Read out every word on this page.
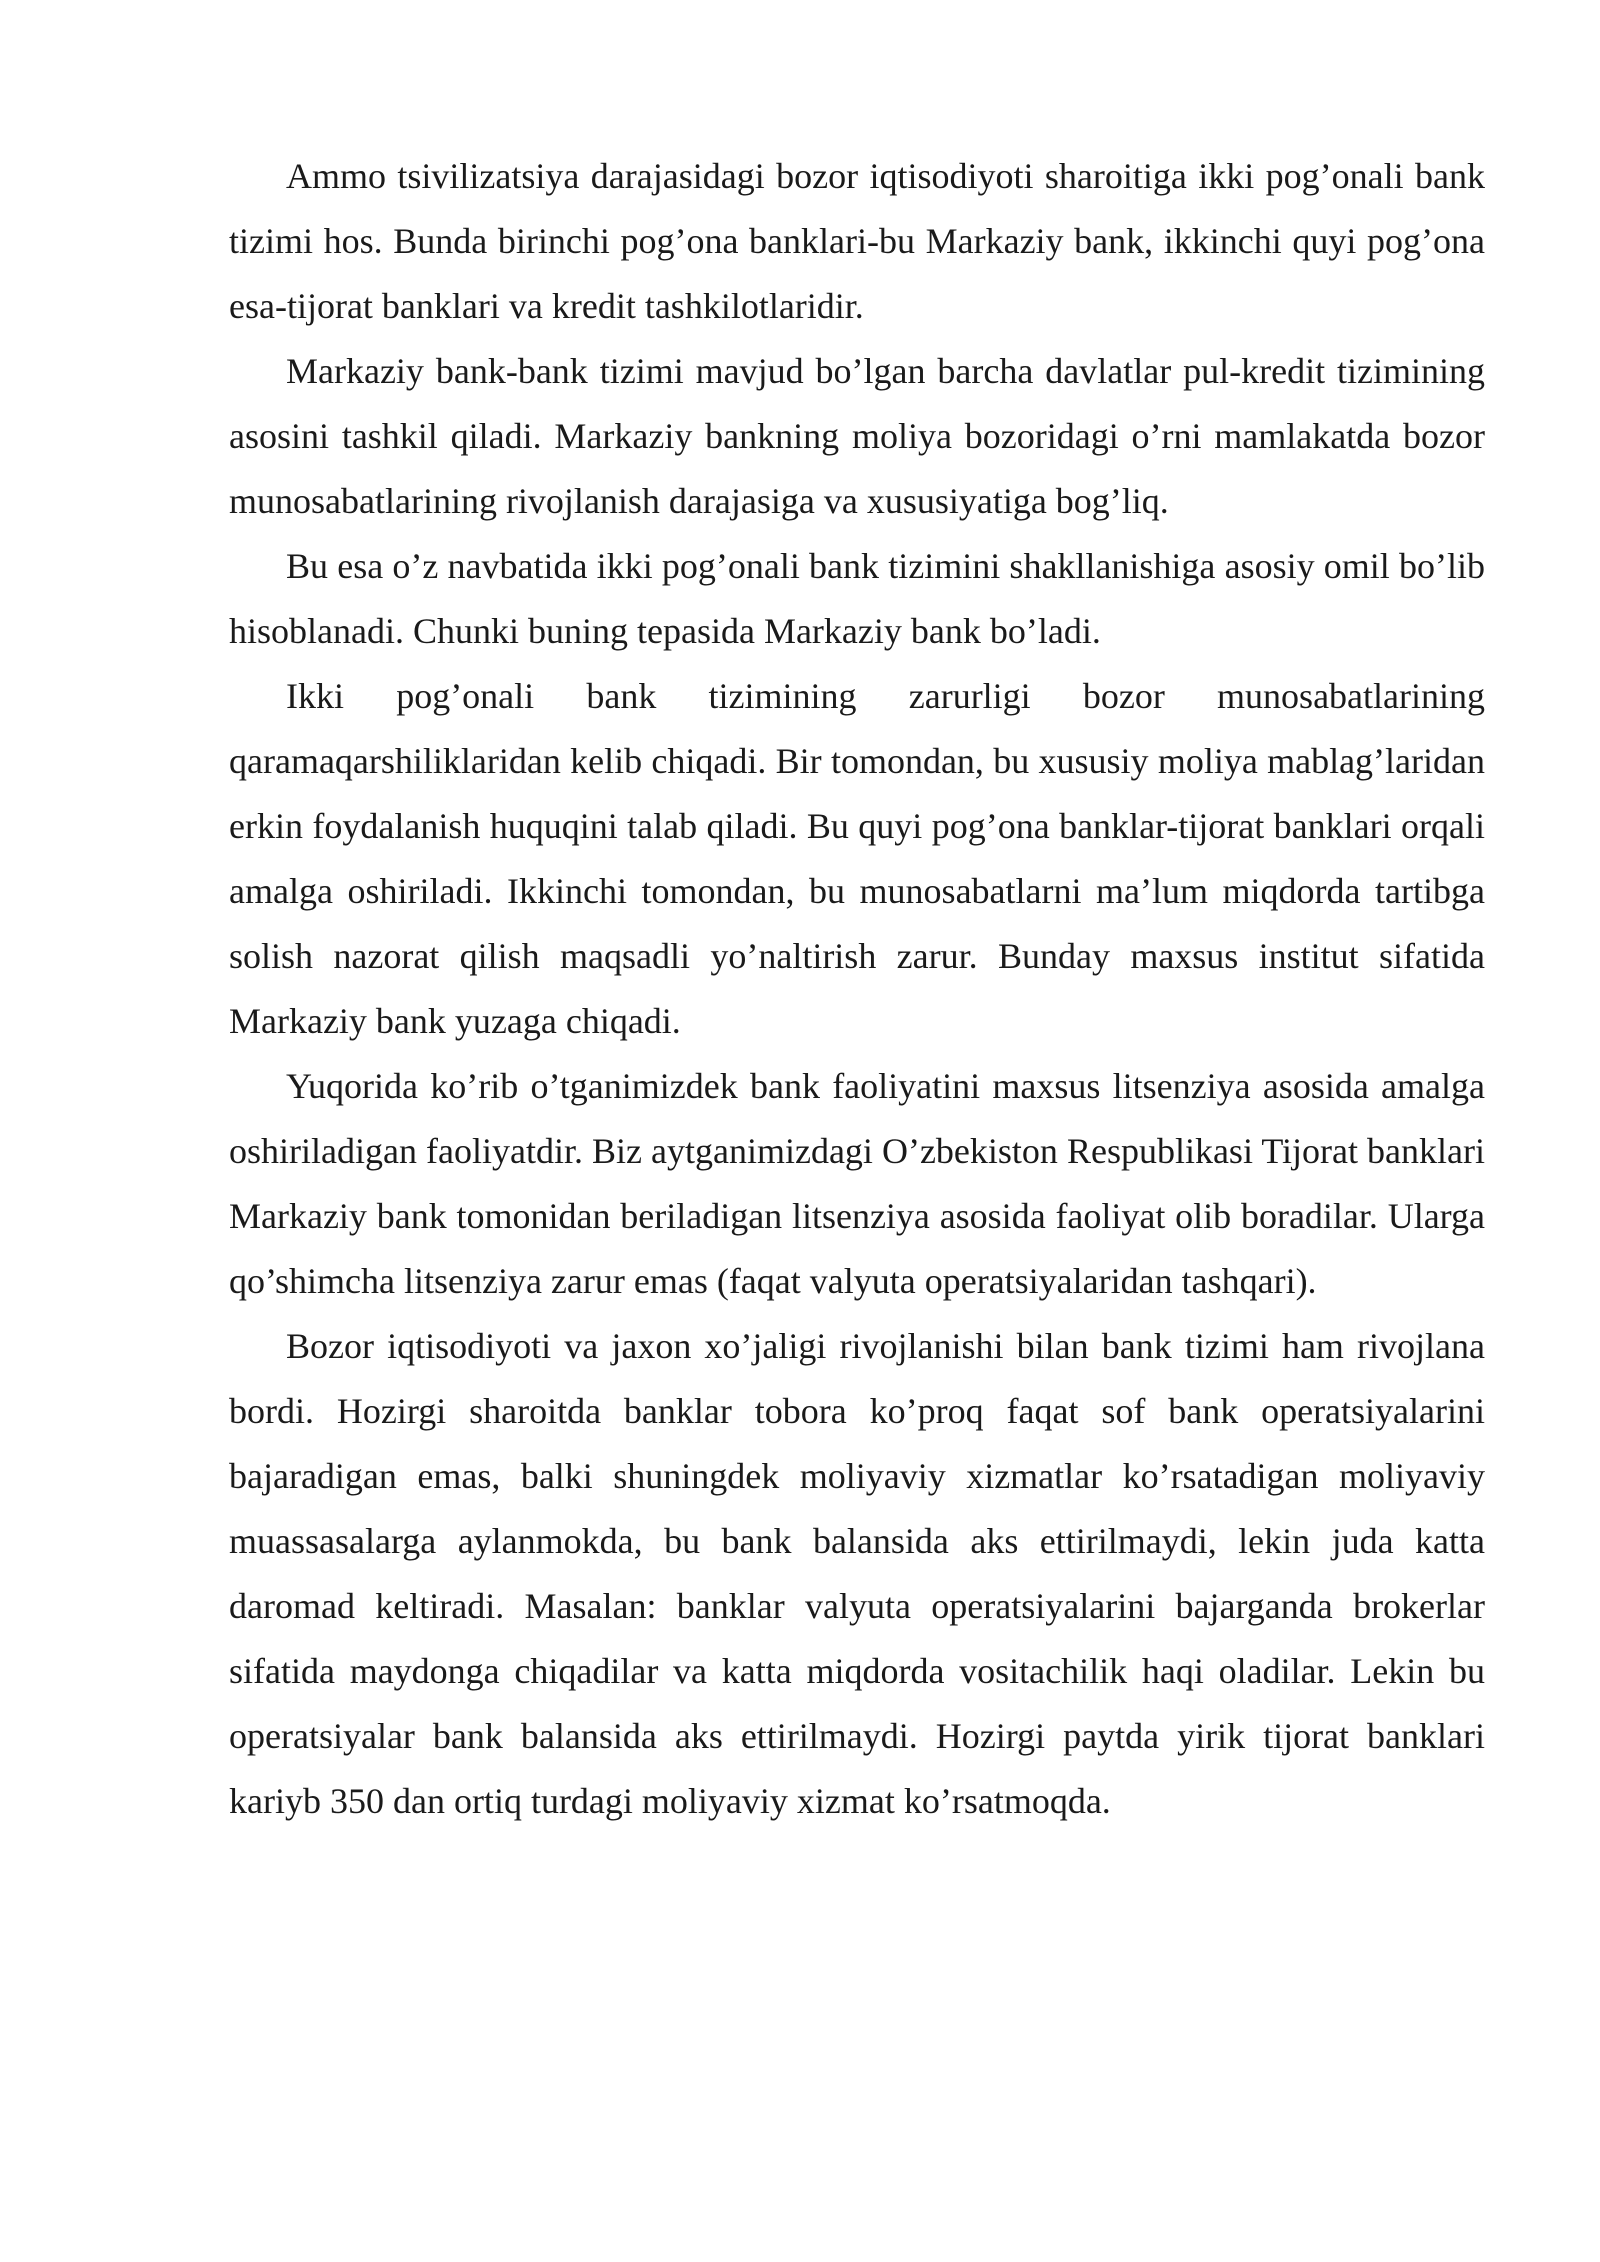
Ammo tsivilizatsiya darajasidagi bozor iqtisodiyoti sharoitiga ikki pog’onali bank tizimi hos. Bunda birinchi pog’ona banklari-bu Markaziy bank, ikkinchi quyi pog’ona esa-tijorat banklari va kredit tashkilotlaridir.

Markaziy bank-bank tizimi mavjud bo’lgan barcha davlatlar pul-kredit tizimining asosini tashkil qiladi. Markaziy bankning moliya bozoridagi o’rni mamlakatda bozor munosabatlarining rivojlanish darajasiga va xususiyatiga bog’liq.

Bu esa o’z navbatida ikki pog’onali bank tizimini shakllanishiga asosiy omil bo’lib hisoblanadi. Chunki buning tepasida Markaziy bank bo’ladi.

Ikki pog’onali bank tizimining zarurligi bozor munosabatlarining qaramaqarshiliklaridan kelib chiqadi. Bir tomondan, bu xususiy moliya mablag’laridan erkin foydalanish huquqini talab qiladi. Bu quyi pog’ona banklar-tijorat banklari orqali amalga oshiriladi. Ikkinchi tomondan, bu munosabatlarni ma’lum miqdorda tartibga solish nazorat qilish maqsadli yo’naltirish zarur. Bunday maxsus institut sifatida Markaziy bank yuzaga chiqadi.

Yuqorida ko’rib o’tganimizdek bank faoliyatini maxsus litsenziya asosida amalga oshiriladigan faoliyatdir. Biz aytganimizdagi O’zbekiston Respublikasi Tijorat banklari Markaziy bank tomonidan beriladigan litsenziya asosida faoliyat olib boradilar. Ularga qo’shimcha litsenziya zarur emas (faqat valyuta operatsiyalaridan tashqari).

Bozor iqtisodiyoti va jaxon xo’jaligi rivojlanishi bilan bank tizimi ham rivojlana bordi. Hozirgi sharoitda banklar tobora ko’proq faqat sof bank operatsiyalarini bajaradigan emas, balki shuningdek moliyaviy xizmatlar ko’rsatadigan moliyaviy muassasalarga aylanmokda, bu bank balansida aks ettirilmaydi, lekin juda katta daromad keltiradi. Masalan: banklar valyuta operatsiyalarini bajarganda brokerlar sifatida maydonga chiqadilar va katta miqdorda vositachilik haqi oladilar. Lekin bu operatsiyalar bank balansida aks ettirilmaydi. Hozirgi paytda yirik tijorat banklari kariyb 350 dan ortiq turdagi moliyaviy xizmat ko’rsatmoqda.
